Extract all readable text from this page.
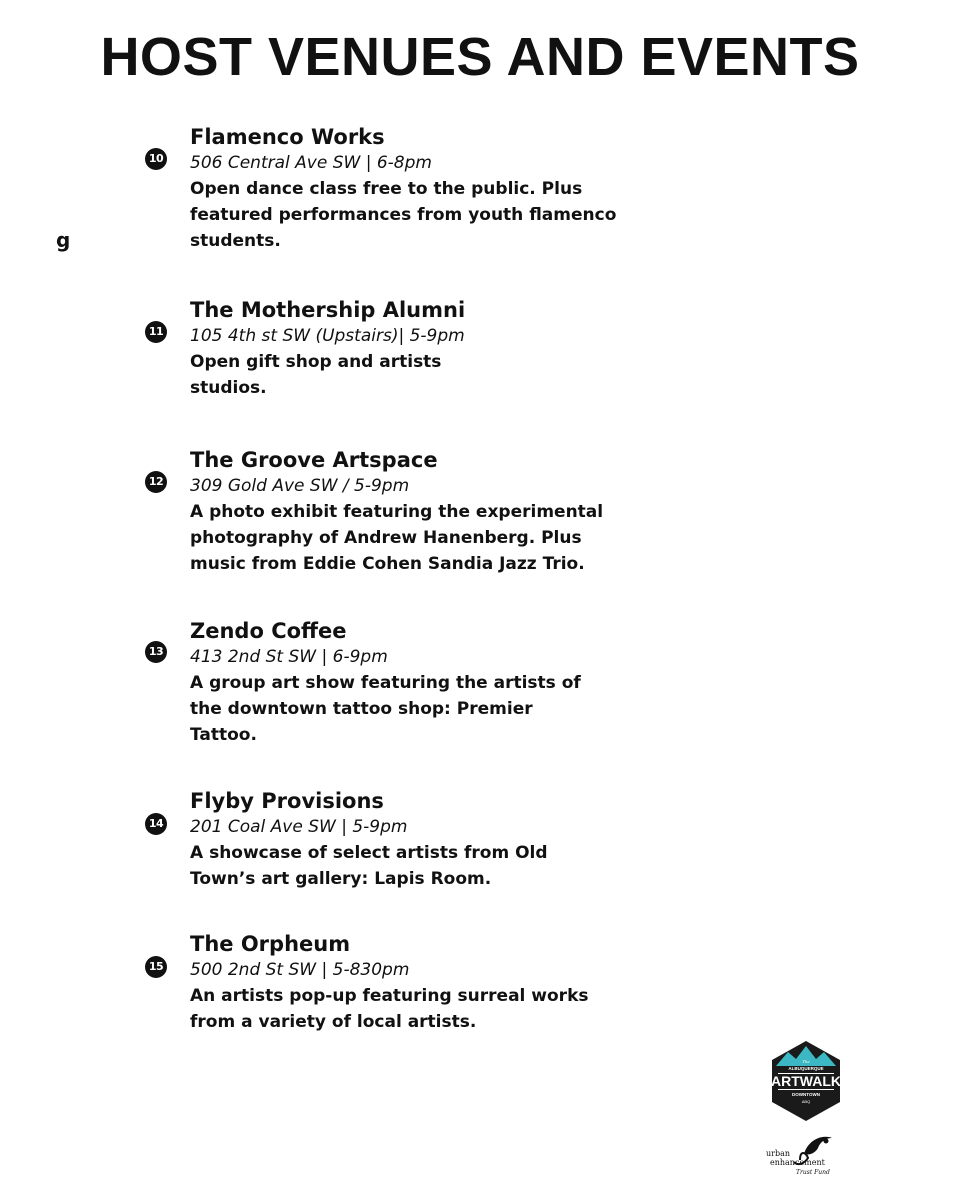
HOST VENUES AND EVENTS
g
10
Flamenco Works
506 Central Ave SW | 6-8pm
Open dance class free to the public. Plus
featured performances from youth flamenco
students.
11
The Mothership Alumni
105 4th st SW (Upstairs)| 5-9pm
Open gift shop and artists
studios.
12
The Groove Artspace
309 Gold Ave SW / 5-9pm
A photo exhibit featuring the experimental
photography of Andrew Hanenberg. Plus
music from Eddie Cohen Sandia Jazz Trio.
13
Zendo Coffee
413 2nd St SW | 6-9pm
A group art show featuring the artists of
the downtown tattoo shop: Premier
Tattoo.
14
Flyby Provisions
201 Coal Ave SW | 5-9pm
A showcase of select artists from Old
Town’s art gallery: Lapis Room.
15
The Orpheum
500 2nd St SW | 5-830pm
An artists pop-up featuring surreal works
from a variety of local artists.
The
ALBUQUERQUE
ARTWALK
DOWNTOWN
ABQ
urban
enhancement
Trust Fund
